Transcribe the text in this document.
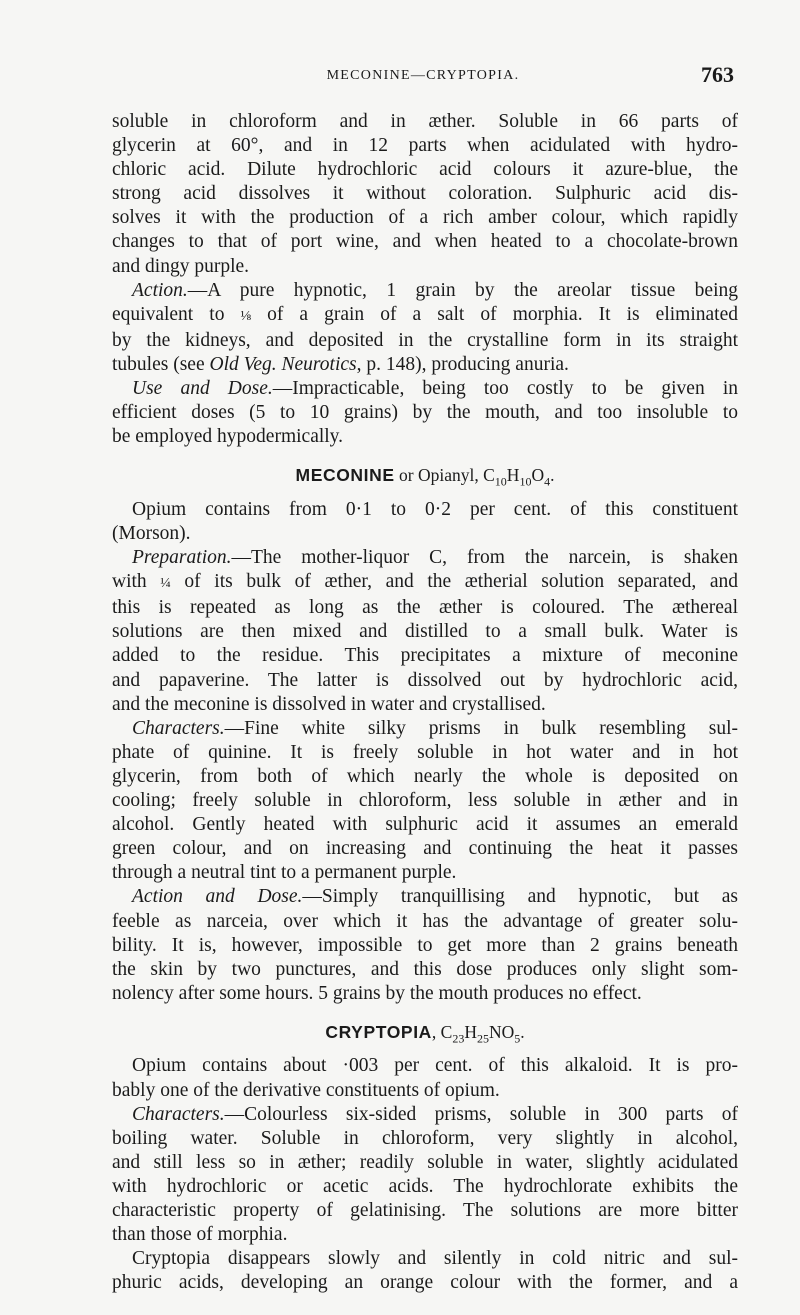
MECONINE—CRYPTOPIA.	763

soluble in chloroform and in æther. Soluble in 66 parts of
glycerin at 60°, and in 12 parts when acidulated with hydro-
chloric acid. Dilute hydrochloric acid colours it azure-blue, the
strong acid dissolves it without coloration. Sulphuric acid dis-
solves it with the production of a rich amber colour, which rapidly
changes to that of port wine, and when heated to a chocolate-brown
and dingy purple.

Action.—A pure hypnotic, 1 grain by the areolar tissue being
equivalent to ⅛ of a grain of a salt of morphia. It is eliminated
by the kidneys, and deposited in the crystalline form in its straight
tubules (see Old Veg. Neurotics, p. 148), producing anuria.

Use and Dose.—Impracticable, being too costly to be given in
efficient doses (5 to 10 grains) by the mouth, and too insoluble to
be employed hypodermically.

MECONINE or Opianyl, $C_{10}H_{10}O_4$.

Opium contains from 0·1 to 0·2 per cent. of this constituent
(Morson).

Preparation.—The mother-liquor C, from the narcein, is shaken
with ¼ of its bulk of æther, and the ætherial solution separated, and
this is repeated as long as the æther is coloured. The æthereal
solutions are then mixed and distilled to a small bulk. Water is
added to the residue. This precipitates a mixture of meconine
and papaverine. The latter is dissolved out by hydrochloric acid,
and the meconine is dissolved in water and crystallised.

Characters.—Fine white silky prisms in bulk resembling sul-
phate of quinine. It is freely soluble in hot water and in hot
glycerin, from both of which nearly the whole is deposited on
cooling; freely soluble in chloroform, less soluble in æther and in
alcohol. Gently heated with sulphuric acid it assumes an emerald
green colour, and on increasing and continuing the heat it passes
through a neutral tint to a permanent purple.

Action and Dose.—Simply tranquillising and hypnotic, but as
feeble as narceia, over which it has the advantage of greater solu-
bility. It is, however, impossible to get more than 2 grains beneath
the skin by two punctures, and this dose produces only slight som-
nolency after some hours. 5 grains by the mouth produces no effect.

CRYPTOPIA, $C_{23}H_{25}NO_5$.

Opium contains about ·003 per cent. of this alkaloid. It is pro-
bably one of the derivative constituents of opium.

Characters.—Colourless six-sided prisms, soluble in 300 parts of
boiling water. Soluble in chloroform, very slightly in alcohol,
and still less so in æther; readily soluble in water, slightly acidulated
with hydrochloric or acetic acids. The hydrochlorate exhibits the
characteristic property of gelatinising. The solutions are more bitter
than those of morphia.

Cryptopia disappears slowly and silently in cold nitric and sul-
phuric acids, developing an orange colour with the former, and a
